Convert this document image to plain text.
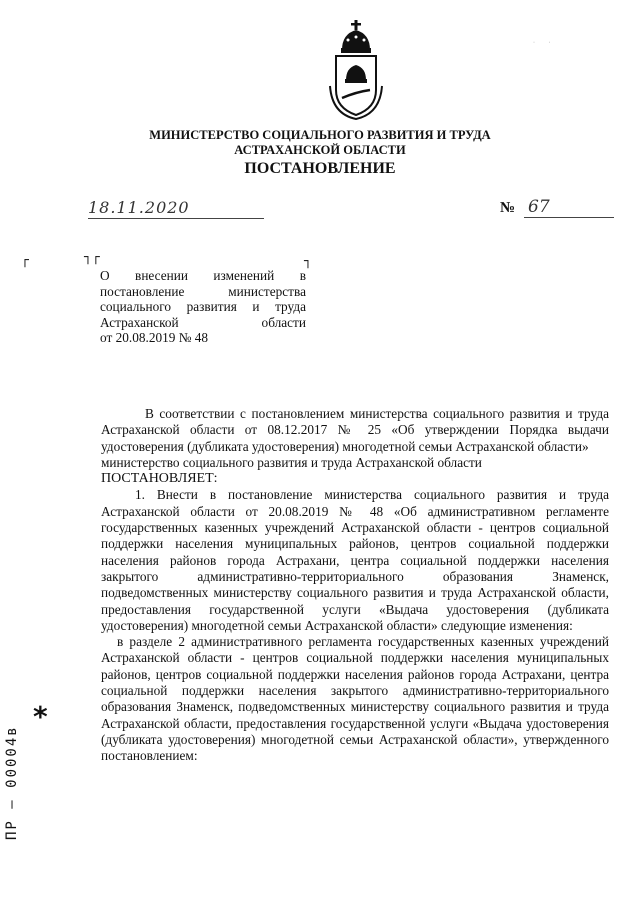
· ·
МИНИСТЕРСТВО СОЦИАЛЬНОГО РАЗВИТИЯ И ТРУДА
АСТРАХАНСКОЙ ОБЛАСТИ
ПОСТАНОВЛЕНИЕ
18.11.2020	№ 67
┌	┐┌	┐
О внесении изменений в
постановление министерства
социального развития и труда
Астраханской области
от 20.08.2019 № 48

В соответствии с постановлением министерства социального развития и труда Астраханской области от 08.12.2017 № 25 «Об утверждении Порядка выдачи удостоверения (дубликата удостоверения) многодетной семьи Астраханской области»

министерство социального развития и труда Астраханской области

ПОСТАНОВЛЯЕТ:

1. Внести в постановление министерства социального развития и труда Астраханской области от 20.08.2019 № 48 «Об административном регламенте государственных казенных учреждений Астраханской области - центров социальной поддержки населения муниципальных районов, центров социальной поддержки населения районов города Астрахани, центра социальной поддержки населения закрытого административно-территориального образования Знаменск, подведомственных министерству социального развития и труда Астраханской области, предоставления государственной услуги «Выдача удостоверения (дубликата удостоверения) многодетной семьи Астраханской области» следующие изменения:

в разделе 2 административного регламента государственных казенных учреждений Астраханской области - центров социальной поддержки населения муниципальных районов, центров социальной поддержки населения районов города Астрахани, центра социальной поддержки населения закрытого административно-территориального образования Знаменск, подведомственных министерству социального развития и труда Астраханской области, предоставления государственной услуги «Выдача удостоверения (дубликата удостоверения) многодетной семьи Астраханской области», утвержденного постановлением:

*
ПР – 00004в
